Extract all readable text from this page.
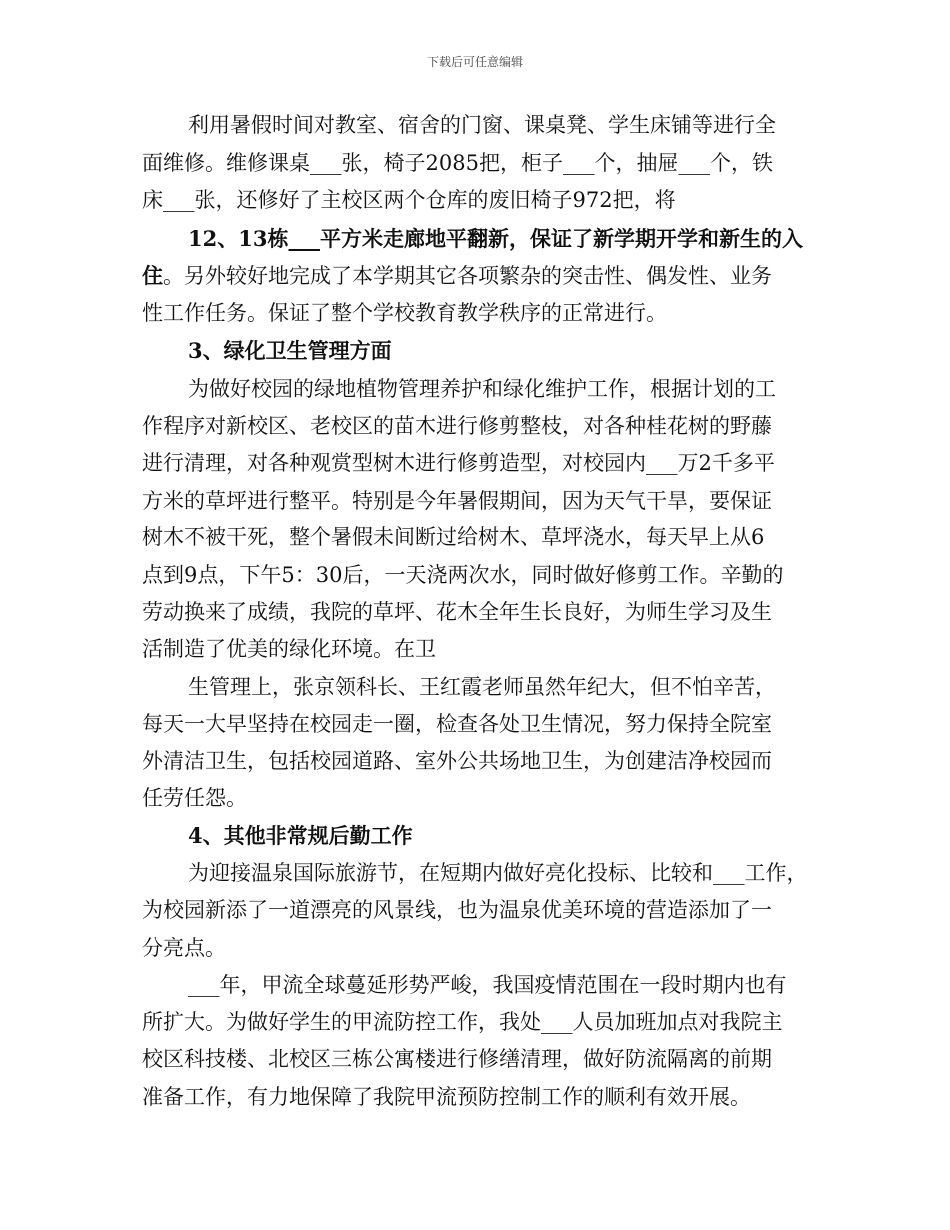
下载后可任意编辑
利用暑假时间对教室、宿舍的门窗、课桌凳、学生床铺等进行全
面维修。维修课桌___张，椅子2085把，柜子___个，抽屉___个，铁
床___张，还修好了主校区两个仓库的废旧椅子972把，将
12、13栋___平方米走廊地平翻新，保证了新学期开学和新生的入
住。另外较好地完成了本学期其它各项繁杂的突击性、偶发性、业务
性工作任务。保证了整个学校教育教学秩序的正常进行。
3、绿化卫生管理方面
为做好校园的绿地植物管理养护和绿化维护工作，根据计划的工
作程序对新校区、老校区的苗木进行修剪整枝，对各种桂花树的野藤
进行清理，对各种观赏型树木进行修剪造型，对校园内___万2千多平
方米的草坪进行整平。特别是今年暑假期间，因为天气干旱，要保证
树木不被干死，整个暑假未间断过给树木、草坪浇水，每天早上从6
点到9点，下午5：30后，一天浇两次水，同时做好修剪工作。辛勤的
劳动换来了成绩，我院的草坪、花木全年生长良好，为师生学习及生
活制造了优美的绿化环境。在卫
生管理上，张京领科长、王红霞老师虽然年纪大，但不怕辛苦，
每天一大早坚持在校园走一圈，检查各处卫生情况，努力保持全院室
外清洁卫生，包括校园道路、室外公共场地卫生，为创建洁净校园而
任劳任怨。
4、其他非常规后勤工作
为迎接温泉国际旅游节，在短期内做好亮化投标、比较和___工作，
为校园新添了一道漂亮的风景线，也为温泉优美环境的营造添加了一
分亮点。
___年，甲流全球蔓延形势严峻，我国疫情范围在一段时期内也有
所扩大。为做好学生的甲流防控工作，我处___人员加班加点对我院主
校区科技楼、北校区三栋公寓楼进行修缮清理，做好防流隔离的前期
准备工作，有力地保障了我院甲流预防控制工作的顺利有效开展。
